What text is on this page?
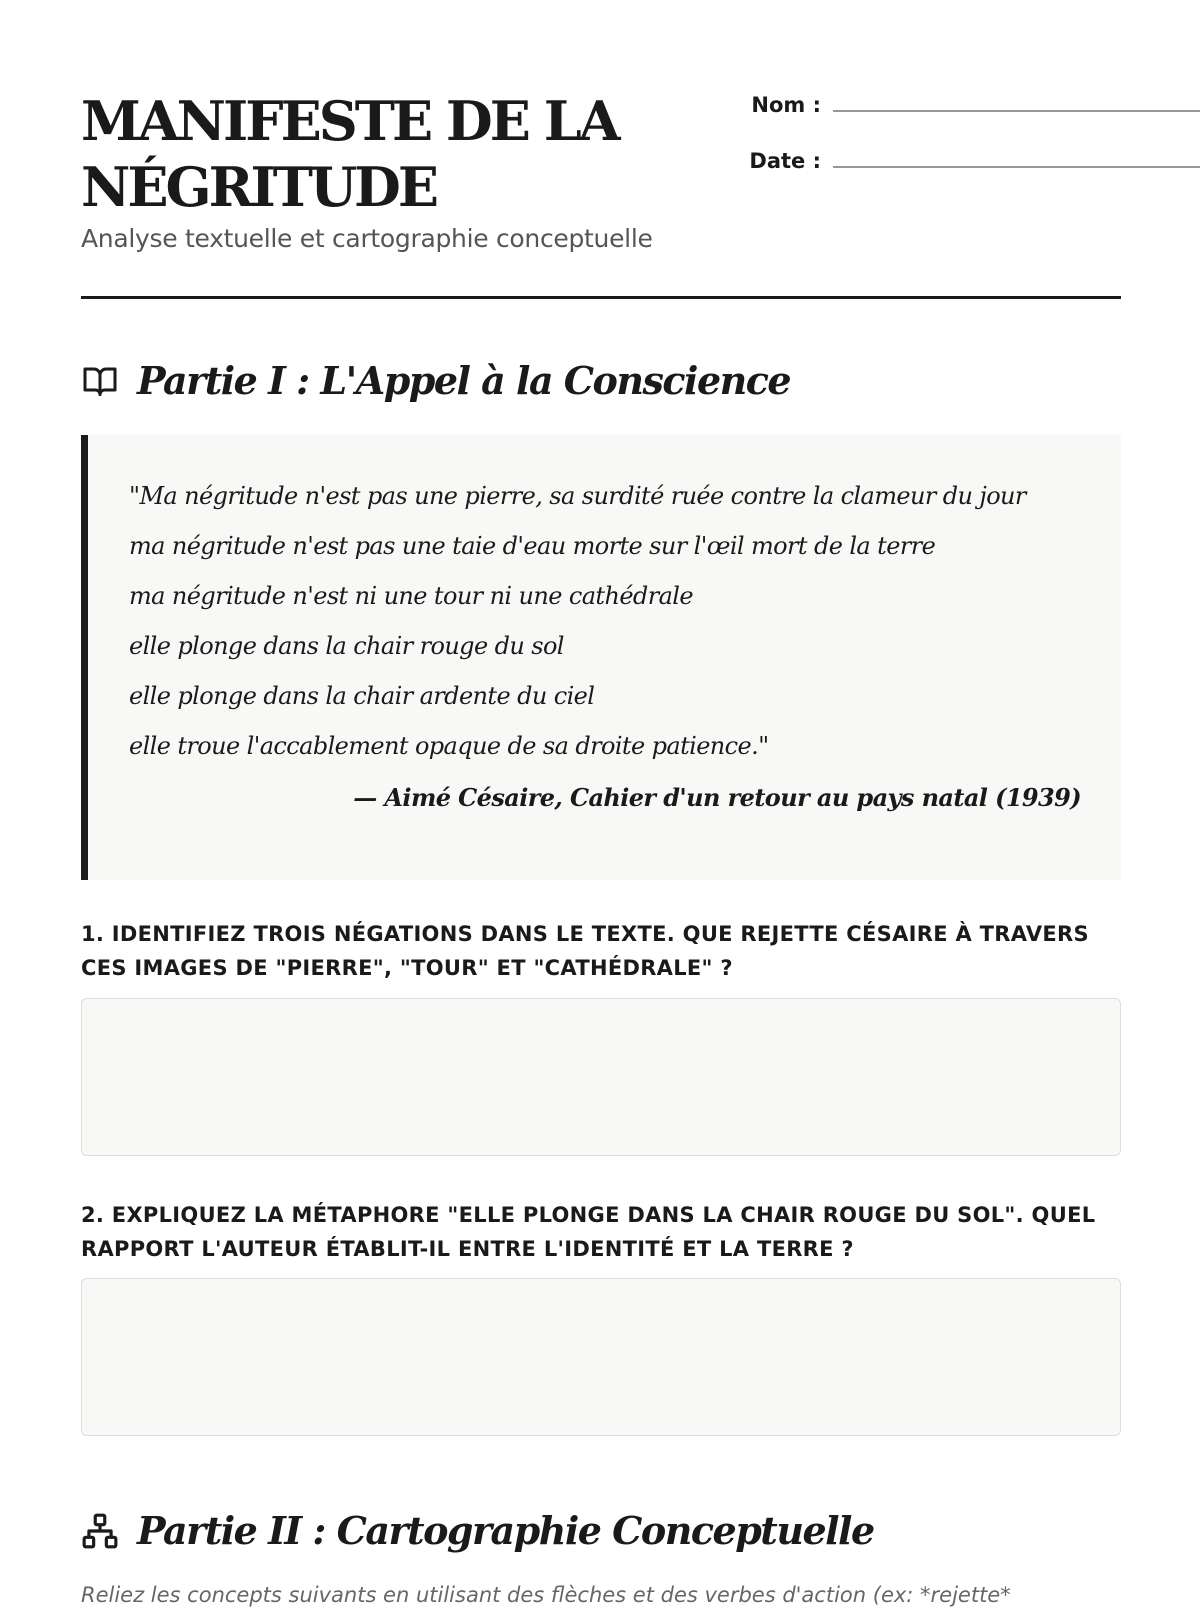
MANIFESTE DE LA NÉGRITUDE
Analyse textuelle et cartographie conceptuelle
Nom :
Date :
Partie I : L'Appel à la Conscience
"Ma négritude n'est pas une pierre, sa surdité ruée contre la clameur du jour
ma négritude n'est pas une taie d'eau morte sur l'œil mort de la terre
ma négritude n'est ni une tour ni une cathédrale
elle plonge dans la chair rouge du sol
elle plonge dans la chair ardente du ciel
elle troue l'accablement opaque de sa droite patience."
— Aimé Césaire, Cahier d'un retour au pays natal (1939)
1. IDENTIFIEZ TROIS NÉGATIONS DANS LE TEXTE. QUE REJETTE CÉSAIRE À TRAVERS CES IMAGES DE "PIERRE", "TOUR" ET "CATHÉDRALE" ?
2. EXPLIQUEZ LA MÉTAPHORE "ELLE PLONGE DANS LA CHAIR ROUGE DU SOL". QUEL RAPPORT L'AUTEUR ÉTABLIT-IL ENTRE L'IDENTITÉ ET LA TERRE ?
Partie II : Cartographie Conceptuelle
Reliez les concepts suivants en utilisant des flèches et des verbes d'action (ex: *rejette*
